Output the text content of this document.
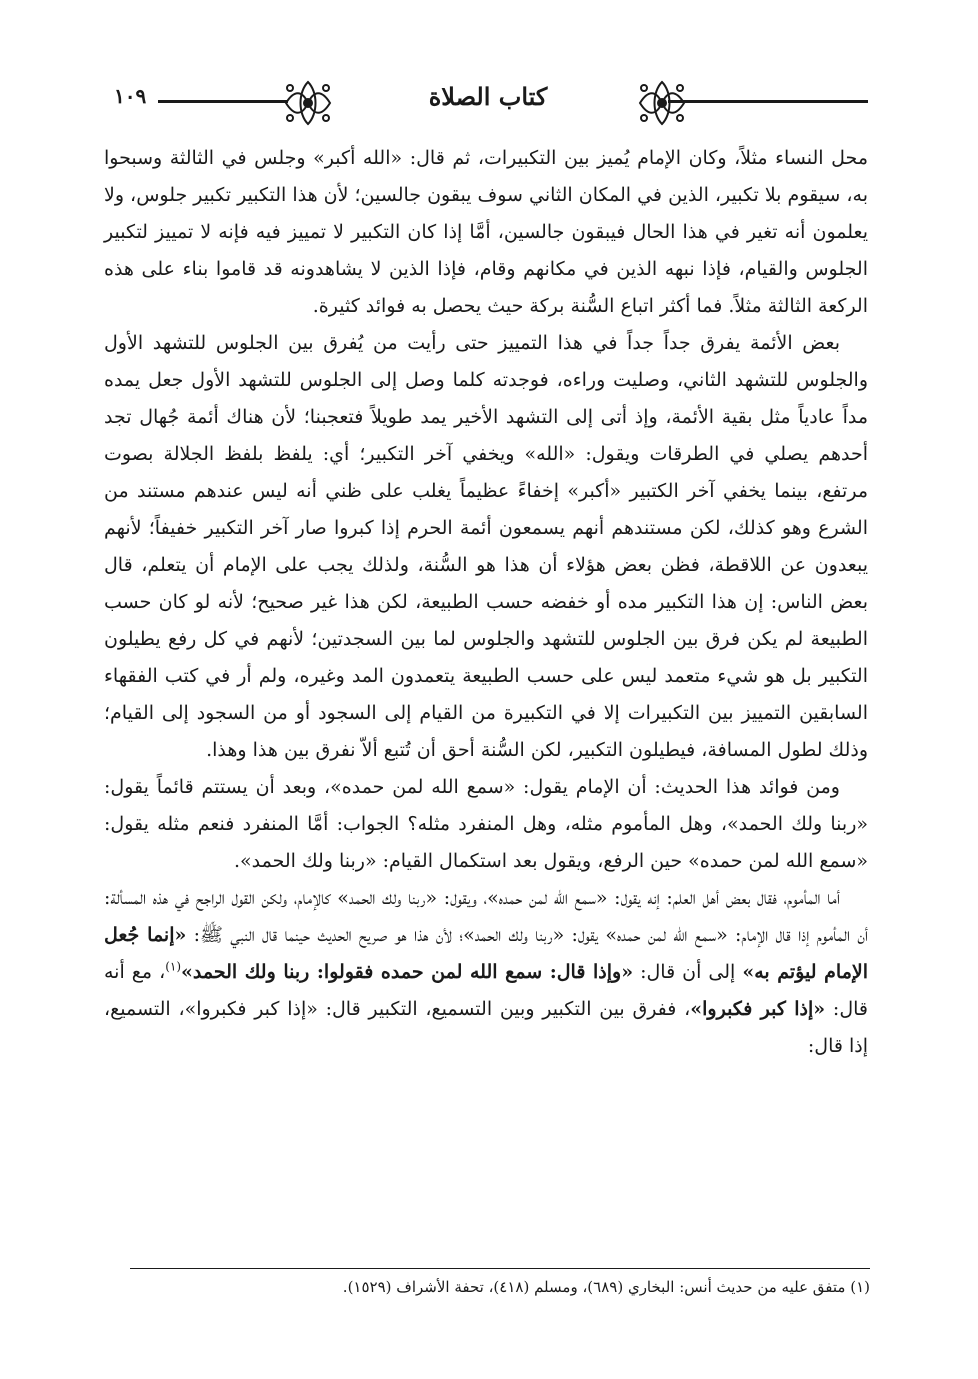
كتاب الصلاة
١٠٩

محل النساء مثلاً، وكان الإمام يُميز بين التكبيرات، ثم قال: «الله أكبر» وجلس في الثالثة وسبحوا به، سيقوم بلا تكبير، الذين في المكان الثاني سوف يبقون جالسين؛ لأن هذا التكبير تكبير جلوس، ولا يعلمون أنه تغير في هذا الحال فيبقون جالسين، أمَّا إذا كان التكبير لا تمييز فيه فإنه لا تمييز لتكبير الجلوس والقيام، فإذا نبهه الذين في مكانهم وقام، فإذا الذين لا يشاهدونه قد قاموا بناء على هذه الركعة الثالثة مثلاً. فما أكثر اتباع السُّنة بركة حيث يحصل به فوائد كثيرة.

بعض الأئمة يفرق جداً جداً في هذا التمييز حتى رأيت من يُفرق بين الجلوس للتشهد الأول والجلوس للتشهد الثاني، وصليت وراءه، فوجدته كلما وصل إلى الجلوس للتشهد الأول جعل يمده مداً عادياً مثل بقية الأئمة، وإذ أتى إلى التشهد الأخير يمد طويلاً فتعجبنا؛ لأن هناك أئمة جُهال تجد أحدهم يصلي في الطرقات ويقول: «الله» ويخفي آخر التكبير؛ أي: يلفظ بلفظ الجلالة بصوت مرتفع، بينما يخفي آخر الكتبير «أكبر» إخفاءً عظيماً يغلب على ظني أنه ليس عندهم مستند من الشرع وهو كذلك، لكن مستندهم أنهم يسمعون أئمة الحرم إذا كبروا صار آخر التكبير خفيفاً؛ لأنهم يبعدون عن اللاقطة، فظن بعض هؤلاء أن هذا هو السُّنة، ولذلك يجب على الإمام أن يتعلم، قال بعض الناس: إن هذا التكبير مده أو خفضه حسب الطبيعة، لكن هذا غير صحيح؛ لأنه لو كان حسب الطبيعة لم يكن فرق بين الجلوس للتشهد والجلوس لما بين السجدتين؛ لأنهم في كل رفع يطيلون التكبير بل هو شيء متعمد ليس على حسب الطبيعة يتعمدون المد وغيره، ولم أر في كتب الفقهاء السابقين التمييز بين التكبيرات إلا في التكبيرة من القيام إلى السجود أو من السجود إلى القيام؛ وذلك لطول المسافة، فيطيلون التكبير، لكن السُّنة أحق أن تُتبع ألاّ نفرق بين هذا وهذا.

ومن فوائد هذا الحديث: أن الإمام يقول: «سمع الله لمن حمده»، وبعد أن يستتم قائماً يقول: «ربنا ولك الحمد»، وهل المأموم مثله، وهل المنفرد مثله؟ الجواب: أمَّا المنفرد فنعم مثله يقول: «سمع الله لمن حمده» حين الرفع، ويقول بعد استكمال القيام: «ربنا ولك الحمد».

أما المأموم، فقال بعض أهل العلم: إنه يقول: «سمع الله لمن حمده»، ويقول: «ربنا ولك الحمد» كالإمام، ولكن القول الراجح في هذه المسألة: أن المأموم إذا قال الإمام: «سمع الله لمن حمده» يقول: «ربنا ولك الحمد»؛ لأن هذا هو صريح الحديث حينما قال النبي ﷺ: «إنما جُعل الإمام ليؤتم به» إلى أن قال: «وإذا قال: سمع الله لمن حمده فقولوا: ربنا ولك الحمد»$^{(١)}$، مع أنه قال: «إذا كبر فكبروا»، ففرق بين التكبير وبين التسميع، التكبير قال: «إذا كبر فكبروا»، التسميع، إذا قال:

(١) متفق عليه من حديث أنس: البخاري (٦٨٩)، ومسلم (٤١٨)، تحفة الأشراف (١٥٢٩).
